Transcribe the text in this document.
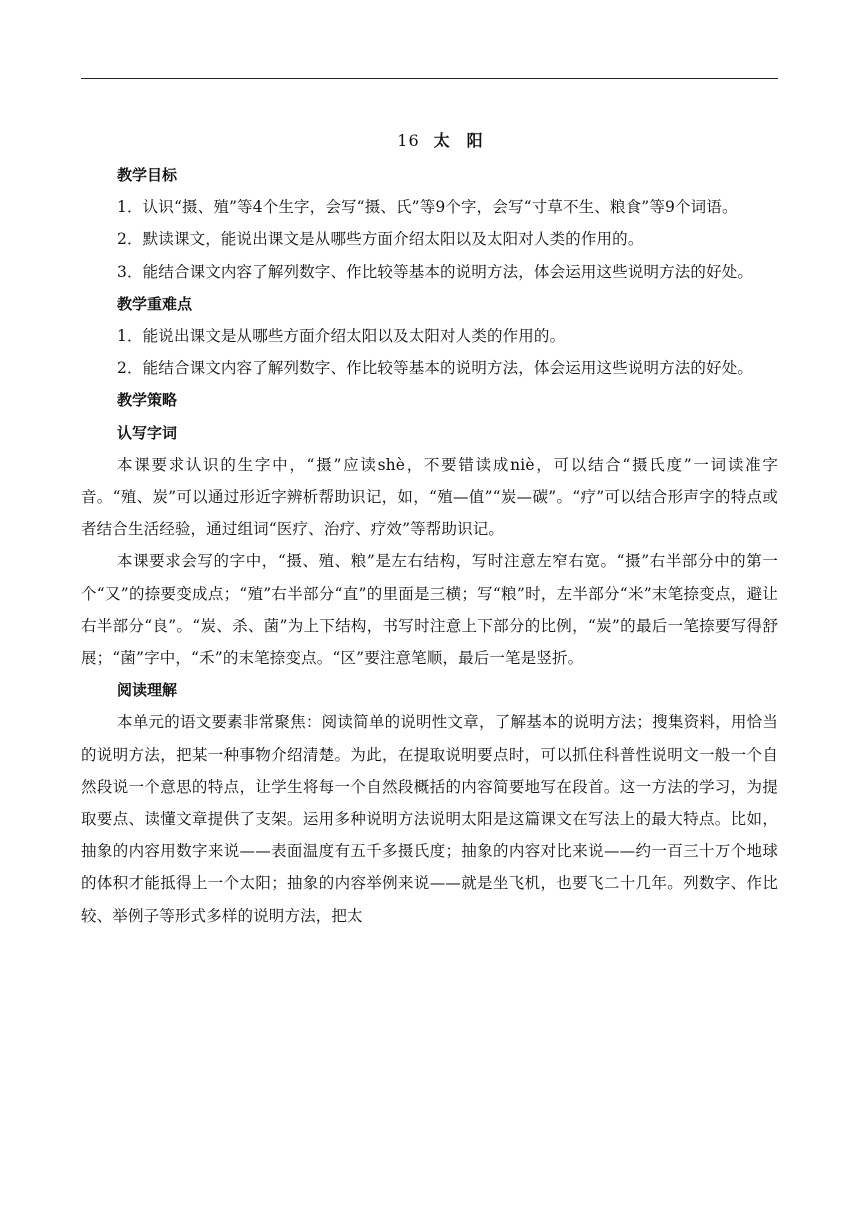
16 太 阳

教学目标

1．认识“摄、殖”等4个生字，会写“摄、氏”等9个字，会写“寸草不生、粮食”等9个词语。

2．默读课文，能说出课文是从哪些方面介绍太阳以及太阳对人类的作用的。

3．能结合课文内容了解列数字、作比较等基本的说明方法，体会运用这些说明方法的好处。

教学重难点

1．能说出课文是从哪些方面介绍太阳以及太阳对人类的作用的。

2．能结合课文内容了解列数字、作比较等基本的说明方法，体会运用这些说明方法的好处。

教学策略

认写字词

本课要求认识的生字中，“摄”应读shè，不要错读成niè，可以结合“摄氏度”一词读准字音。“殖、炭”可以通过形近字辨析帮助识记，如，“殖—值”“炭—碳”。“疗”可以结合形声字的特点或者结合生活经验，通过组词“医疗、治疗、疗效”等帮助识记。

本课要求会写的字中，“摄、殖、粮”是左右结构，写时注意左窄右宽。“摄”右半部分中的第一个“又”的捺要变成点；“殖”右半部分“直”的里面是三横；写“粮”时，左半部分“米”末笔捺变点，避让右半部分“良”。“炭、杀、菌”为上下结构，书写时注意上下部分的比例，“炭”的最后一笔捺要写得舒展；“菌”字中，“禾”的末笔捺变点。“区”要注意笔顺，最后一笔是竖折。

阅读理解

本单元的语文要素非常聚焦：阅读简单的说明性文章，了解基本的说明方法；搜集资料，用恰当的说明方法，把某一种事物介绍清楚。为此，在提取说明要点时，可以抓住科普性说明文一般一个自然段说一个意思的特点，让学生将每一个自然段概括的内容简要地写在段首。这一方法的学习，为提取要点、读懂文章提供了支架。运用多种说明方法说明太阳是这篇课文在写法上的最大特点。比如，抽象的内容用数字来说——表面温度有五千多摄氏度；抽象的内容对比来说——约一百三十万个地球的体积才能抵得上一个太阳；抽象的内容举例来说——就是坐飞机，也要飞二十几年。列数字、作比较、举例子等形式多样的说明方法，把太
